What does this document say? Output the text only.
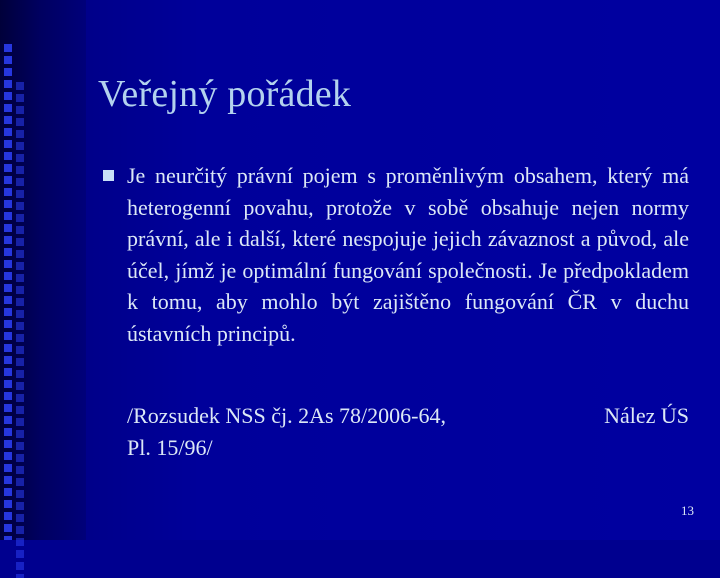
Veřejný pořádek

Je neurčitý právní pojem s proměnlivým obsahem, který má heterogenní povahu, protože v sobě obsahuje nejen normy právní, ale i další, které nespojuje jejich závaznost a původ, ale účel, jímž je optimální fungování společnosti. Je předpokladem k tomu, aby mohlo být zajištěno fungování ČR v duchu ústavních principů.

/Rozsudek NSS čj. 2As 78/2006-64,	Nález ÚS
Pl. 15/96/
13
